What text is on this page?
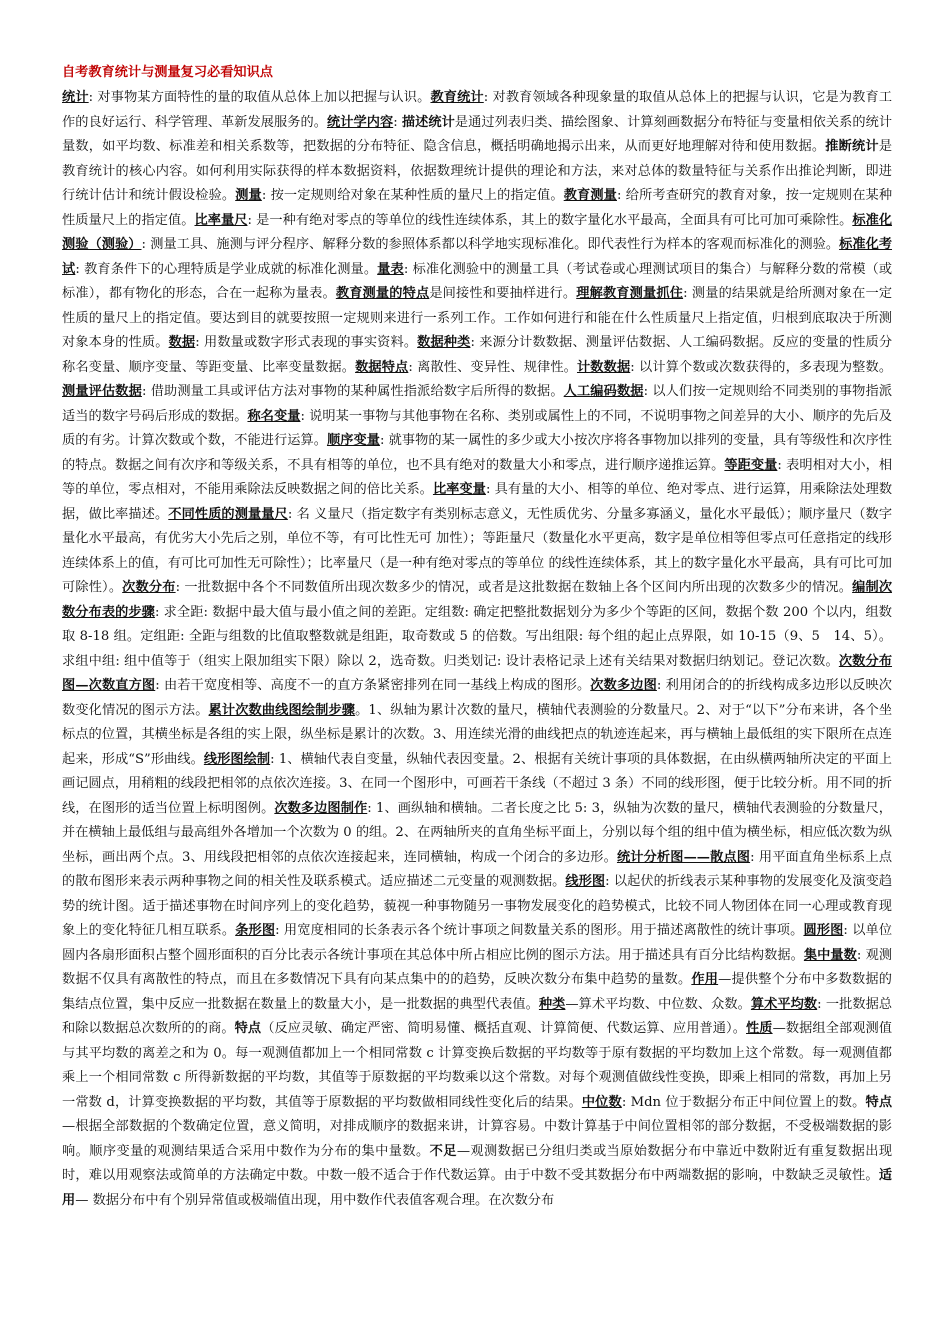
自考教育统计与测量复习必看知识点

统计: 对事物某方面特性的量的取值从总体上加以把握与认识。教育统计: 对教育领域各种现象量的取值从总体上的把握与认识，它是为教育工作的良好运行、科学管理、革新发展服务的。统计学内容: 描述统计是通过列表归类、描绘图象、计算刻画数据分布特征与变量相依关系的统计量数，如平均数、标准差和相关系数等，把数据的分布特征、隐含信息，概括明确地揭示出来，从而更好地理解对待和使用数据。推断统计是教育统计的核心内容。如何利用实际获得的样本数据资料，依据数理统计提供的理论和方法，来对总体的数量特征与关系作出推论判断，即进行统计估计和统计假设检验。测量: 按一定规则给对象在某种性质的量尺上的指定值。教育测量: 给所考查研究的教育对象，按一定规则在某种性质量尺上的指定值。比率量尺: 是一种有绝对零点的等单位的线性连续体系，其上的数字量化水平最高，全面具有可比可加可乘除性。标准化测验（测验）: 测量工具、施测与评分程序、解释分数的参照体系都以科学地实现标准化。即代表性行为样本的客观而标准化的测验。标准化考试: 教育条件下的心理特质是学业成就的标准化测量。量表: 标准化测验中的测量工具（考试卷或心理测试项目的集合）与解释分数的常模（或标准），都有物化的形态，合在一起称为量表。教育测量的特点是间接性和要抽样进行。理解教育测量抓住: 测量的结果就是给所测对象在一定性质的量尺上的指定值。要达到目的就要按照一定规则来进行一系列工作。工作如何进行和能在什么性质量尺上指定值，归根到底取决于所测对象本身的性质。数据: 用数量或数字形式表现的事实资料。数据种类: 来源分计数数据、测量评估数据、人工编码数据。反应的变量的性质分称名变量、顺序变量、等距变量、比率变量数据。数据特点: 离散性、变异性、规律性。计数数据: 以计算个数或次数获得的，多表现为整数。测量评估数据: 借助测量工具或评估方法对事物的某种属性指派给数字后所得的数据。人工编码数据: 以人们按一定规则给不同类别的事物指派适当的数字号码后形成的数据。称名变量: 说明某一事物与其他事物在名称、类别或属性上的不同，不说明事物之间差异的大小、顺序的先后及质的有劣。计算次数或个数，不能进行运算。顺序变量: 就事物的某一属性的多少或大小按次序将各事物加以排列的变量，具有等级性和次序性的特点。数据之间有次序和等级关系，不具有相等的单位，也不具有绝对的数量大小和零点，进行顺序递推运算。等距变量: 表明相对大小，相等的单位，零点相对，不能用乘除法反映数据之间的倍比关系。比率变量: 具有量的大小、相等的单位、绝对零点、进行运算，用乘除法处理数据，做比率描述。不同性质的测量量尺: 名 义量尺（指定数字有类别标志意义，无性质优劣、分量多寡涵义，量化水平最低）；顺序量尺（数字量化水平最高，有优劣大小先后之别，单位不等，有可比性无可 加性）；等距量尺（数量化水平更高，数字是单位相等但零点可任意指定的线形连续体系上的值，有可比可加性无可除性）；比率量尺（是一种有绝对零点的等单位 的线性连续体系，其上的数字量化水平最高，具有可比可加可除性）。次数分布: 一批数据中各个不同数值所出现次数多少的情况，或者是这批数据在数轴上各个区间内所出现的次数多少的情况。编制次数分布表的步骤: 求全距: 数据中最大值与最小值之间的差距。定组数: 确定把整批数据划分为多少个等距的区间，数据个数 200 个以内，组数取 8-18 组。定组距: 全距与组数的比值取整数就是组距，取奇数或 5 的倍数。写出组限: 每个组的起止点界限，如 10-15（9、5　14、5）。求组中组: 组中值等于（组实上限加组实下限）除以 2，选奇数。归类划记: 设计表格记录上述有关结果对数据归纳划记。登记次数。次数分布图—次数直方图: 由若干宽度相等、高度不一的直方条紧密排列在同一基线上构成的图形。次数多边图: 利用闭合的的折线构成多边形以反映次数变化情况的图示方法。累计次数曲线图绘制步骤。1、纵轴为累计次数的量尺，横轴代表测验的分数量尺。2、对于“以下”分布来讲，各个坐标点的位置，其横坐标是各组的实上限，纵坐标是累计的次数。3、用连续光滑的曲线把点的轨迹连起来，再与横轴上最低组的实下限所在点连起来，形成“S”形曲线。线形图绘制: 1、横轴代表自变量，纵轴代表因变量。2、根据有关统计事项的具体数据，在由纵横两轴所决定的平面上画记圆点，用稍粗的线段把相邻的点依次连接。3、在同一个图形中，可画若干条线（不超过 3 条）不同的线形图，便于比较分析。用不同的折线，在图形的适当位置上标明图例。次数多边图制作: 1、画纵轴和横轴。二者长度之比 5: 3，纵轴为次数的量尺，横轴代表测验的分数量尺，并在横轴上最低组与最高组外各增加一个次数为 0 的组。2、在两轴所夹的直角坐标平面上，分别以每个组的组中值为横坐标，相应低次数为纵坐标，画出两个点。3、用线段把相邻的点依次连接起来，连同横轴，构成一个闭合的多边形。统计分析图——散点图: 用平面直角坐标系上点的散布图形来表示两种事物之间的相关性及联系模式。适应描述二元变量的观测数据。线形图: 以起伏的折线表示某种事物的发展变化及演变趋势的统计图。适于描述事物在时间序列上的变化趋势，藐视一种事物随另一事物发展变化的趋势模式，比较不同人物团体在同一心理或教育现象上的变化特征几相互联系。条形图: 用宽度相同的长条表示各个统计事项之间数量关系的图形。用于描述离散性的统计事项。圆形图: 以单位圆内各扇形面积占整个圆形面积的百分比表示各统计事项在其总体中所占相应比例的图示方法。用于描述具有百分比结构数据。集中量数: 观测数据不仅具有离散性的特点，而且在多数情况下具有向某点集中的的趋势，反映次数分布集中趋势的量数。作用—提供整个分布中多数数据的集结点位置，集中反应一批数据在数量上的数量大小，是一批数据的典型代表值。种类—算术平均数、中位数、众数。算术平均数: 一批数据总和除以数据总次数所的的商。特点（反应灵敏、确定严密、简明易懂、概括直观、计算简便、代数运算、应用普通）。性质—数据组全部观测值与其平均数的离差之和为 0。每一观测值都加上一个相同常数 c 计算变换后数据的平均数等于原有数据的平均数加上这个常数。每一观测值都乘上一个相同常数 c 所得新数据的平均数，其值等于原数据的平均数乘以这个常数。对每个观测值做线性变换，即乘上相同的常数，再加上另一常数 d，计算变换数据的平均数，其值等于原数据的平均数做相同线性变化后的结果。中位数: Mdn 位于数据分布正中间位置上的数。特点—根据全部数据的个数确定位置，意义简明，对排成顺序的数据来讲，计算容易。中数计算基于中间位置相邻的部分数据，不受极端数据的影响。顺序变量的观测结果适合采用中数作为分布的集中量数。不足—观测数据已分组归类或当原始数据分布中靠近中数附近有重复数据出现时，难以用观察法或简单的方法确定中数。中数一般不适合于作代数运算。由于中数不受其数据分布中两端数据的影响，中数缺乏灵敏性。适用— 数据分布中有个别异常值或极端值出现，用中数作代表值客观合理。在次数分布
